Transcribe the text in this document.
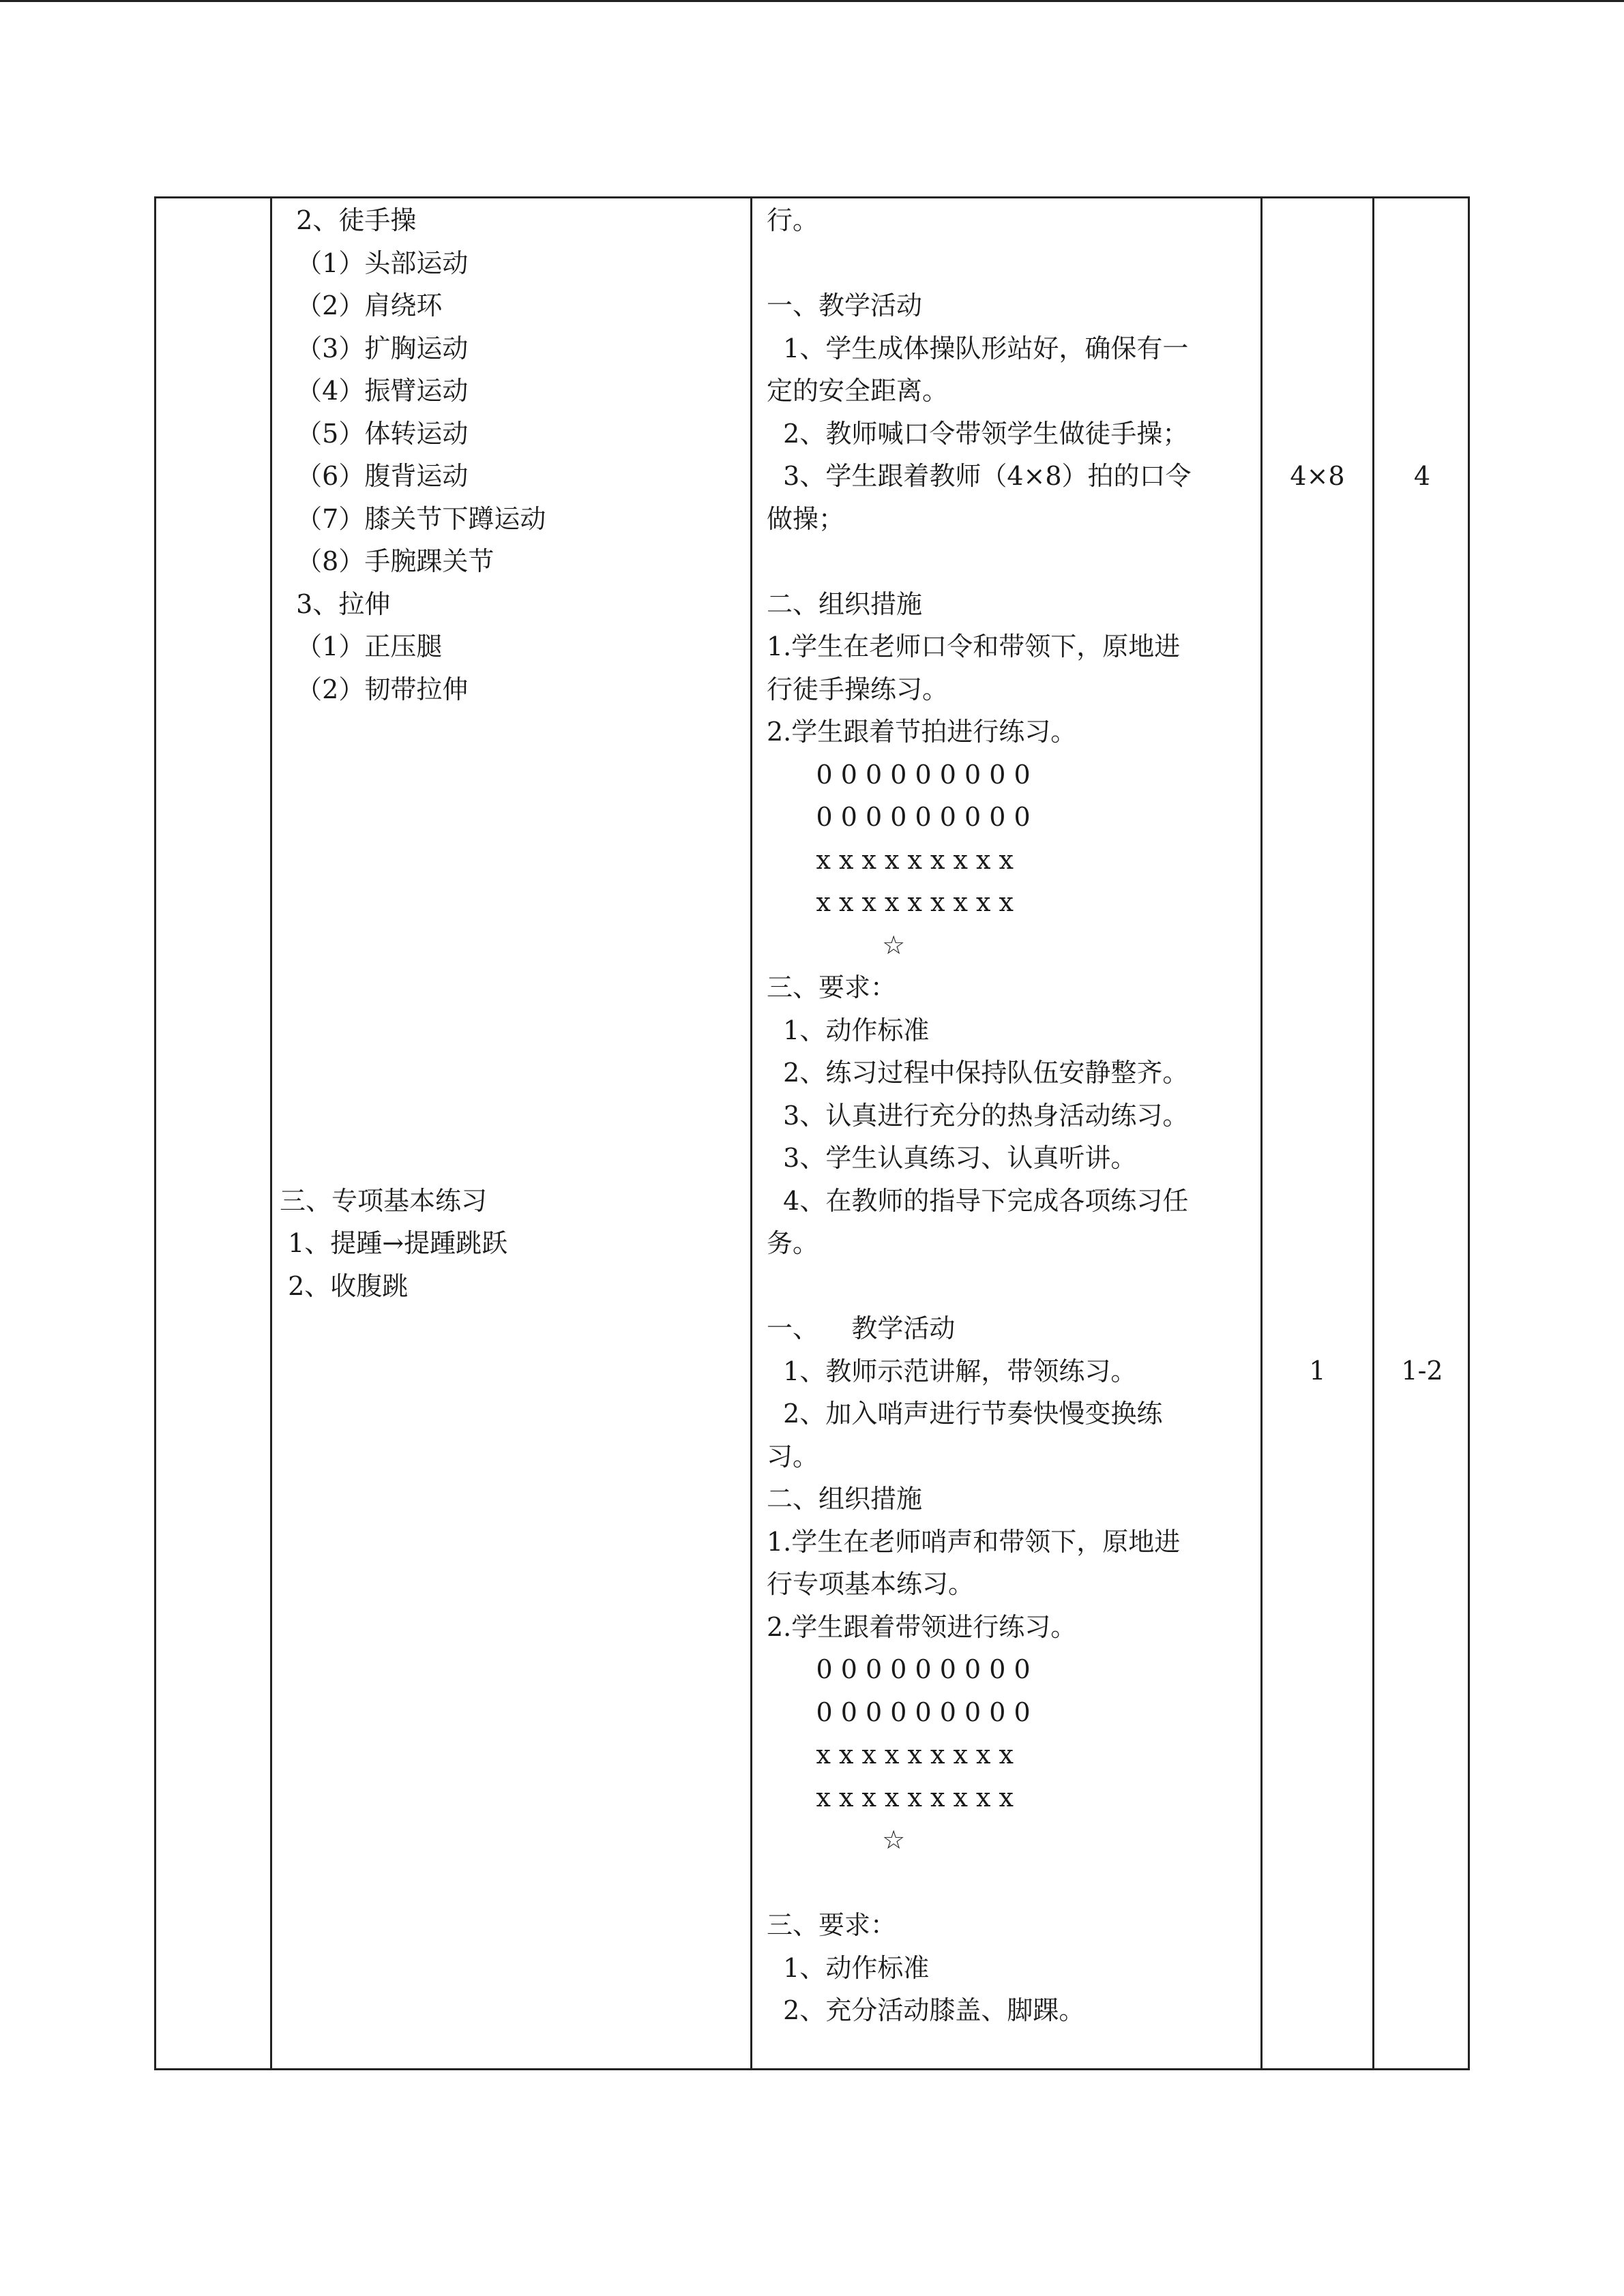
2、徒手操
（1）头部运动
（2）肩绕环
（3）扩胸运动
（4）振臂运动
（5）体转运动
（6）腹背运动
（7）膝关节下蹲运动
（8）手腕踝关节
3、拉伸
（1）正压腿
（2）韧带拉伸
三、专项基本练习
1、提踵→提踵跳跃
2、收腹跳
行。
一、教学活动
1、学生成体操队形站好，确保有一
定的安全距离。
2、教师喊口令带领学生做徒手操；
3、学生跟着教师（4×8）拍的口令
做操；
二、组织措施
1.学生在老师口令和带领下，原地进
行徒手操练习。
2.学生跟着节拍进行练习。
0 0 0 0 0 0 0 0 0
0 0 0 0 0 0 0 0 0
x x x x x x x x x
x x x x x x x x x
☆
三、要求：
1、动作标准
2、练习过程中保持队伍安静整齐。
3、认真进行充分的热身活动练习。
3、学生认真练习、认真听讲。
4、在教师的指导下完成各项练习任
务。
一、    教学活动
1、教师示范讲解，带领练习。
2、加入哨声进行节奏快慢变换练
习。
二、组织措施
1.学生在老师哨声和带领下，原地进
行专项基本练习。
2.学生跟着带领进行练习。
0 0 0 0 0 0 0 0 0
0 0 0 0 0 0 0 0 0
x x x x x x x x x
x x x x x x x x x
☆
三、要求：
1、动作标准
2、充分活动膝盖、脚踝。
4×8	4
1	1-2
